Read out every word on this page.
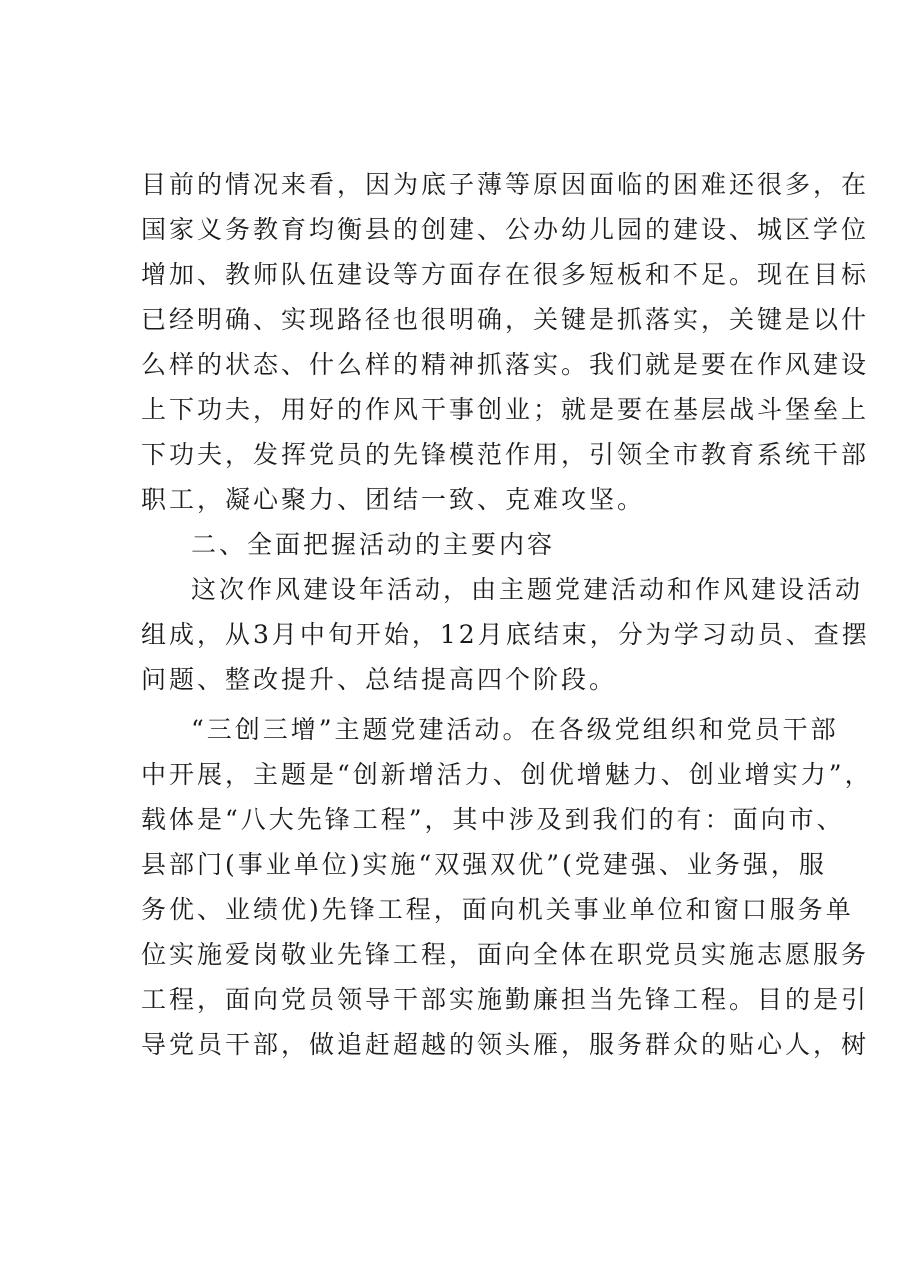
目前的情况来看，因为底子薄等原因面临的困难还很多，在
国家义务教育均衡县的创建、公办幼儿园的建设、城区学位
增加、教师队伍建设等方面存在很多短板和不足。现在目标
已经明确、实现路径也很明确，关键是抓落实，关键是以什
么样的状态、什么样的精神抓落实。我们就是要在作风建设
上下功夫，用好的作风干事创业；就是要在基层战斗堡垒上
下功夫，发挥党员的先锋模范作用，引领全市教育系统干部
职工，凝心聚力、团结一致、克难攻坚。
二、全面把握活动的主要内容
这次作风建设年活动，由主题党建活动和作风建设活动
组成，从3月中旬开始，12月底结束，分为学习动员、查摆
问题、整改提升、总结提高四个阶段。
“三创三增”主题党建活动。在各级党组织和党员干部
中开展，主题是“创新增活力、创优增魅力、创业增实力”，
载体是“八大先锋工程”，其中涉及到我们的有：面向市、
县部门(事业单位)实施“双强双优”(党建强、业务强，服
务优、业绩优)先锋工程，面向机关事业单位和窗口服务单
位实施爱岗敬业先锋工程，面向全体在职党员实施志愿服务
工程，面向党员领导干部实施勤廉担当先锋工程。目的是引
导党员干部，做追赶超越的领头雁，服务群众的贴心人，树
